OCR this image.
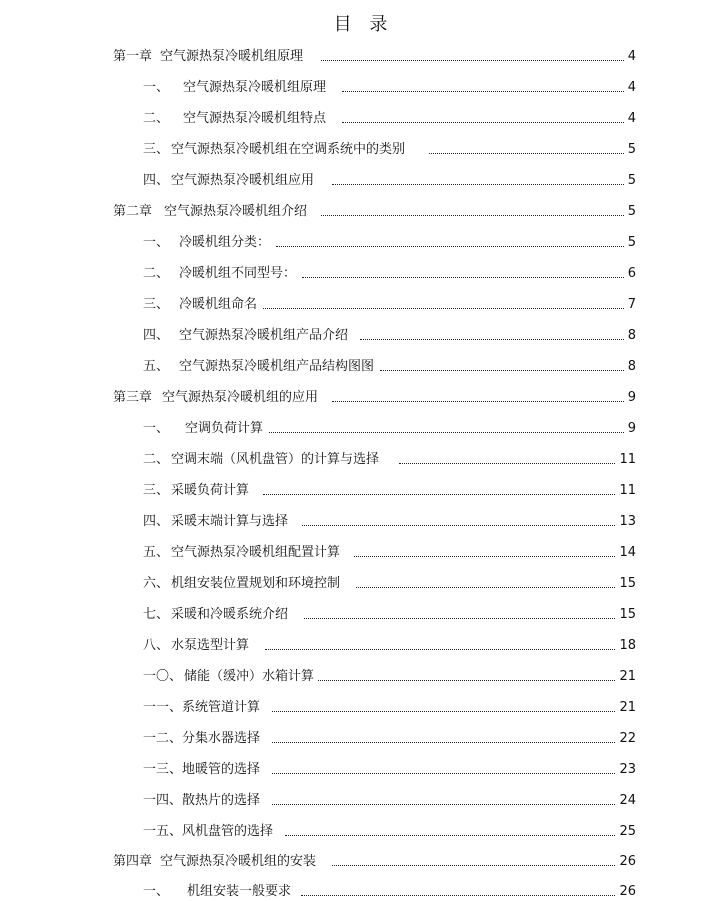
目 录
第一章 空气源热泵冷暖机组原理	4
一、 空气源热泵冷暖机组原理	4
二、 空气源热泵冷暖机组特点	4
三、 空气源热泵冷暖机组在空调系统中的类别	5
四、 空气源热泵冷暖机组应用	5
第二章 空气源热泵冷暖机组介绍	5
一、 冷暖机组分类：	5
二、 冷暖机组不同型号：	6
三、 冷暖机组命名	7
四、 空气源热泵冷暖机组产品介绍	8
五、 空气源热泵冷暖机组产品结构图图	8
第三章 空气源热泵冷暖机组的应用	9
一、 空调负荷计算	9
二、 空调末端（风机盘管）的计算与选择	11
三、 采暖负荷计算	11
四、 采暖末端计算与选择	13
五、 空气源热泵冷暖机组配置计算	14
六、 机组安装位置规划和环境控制	15
七、 采暖和冷暖系统介绍	15
八、 水泵选型计算	18
一〇、 储能（缓冲）水箱计算	21
一一、 系统管道计算	21
一二、 分集水器选择	22
一三、 地暖管的选择	23
一四、 散热片的选择	24
一五、 风机盘管的选择	25
第四章 空气源热泵冷暖机组的安装	26
一、 机组安装一般要求	26
